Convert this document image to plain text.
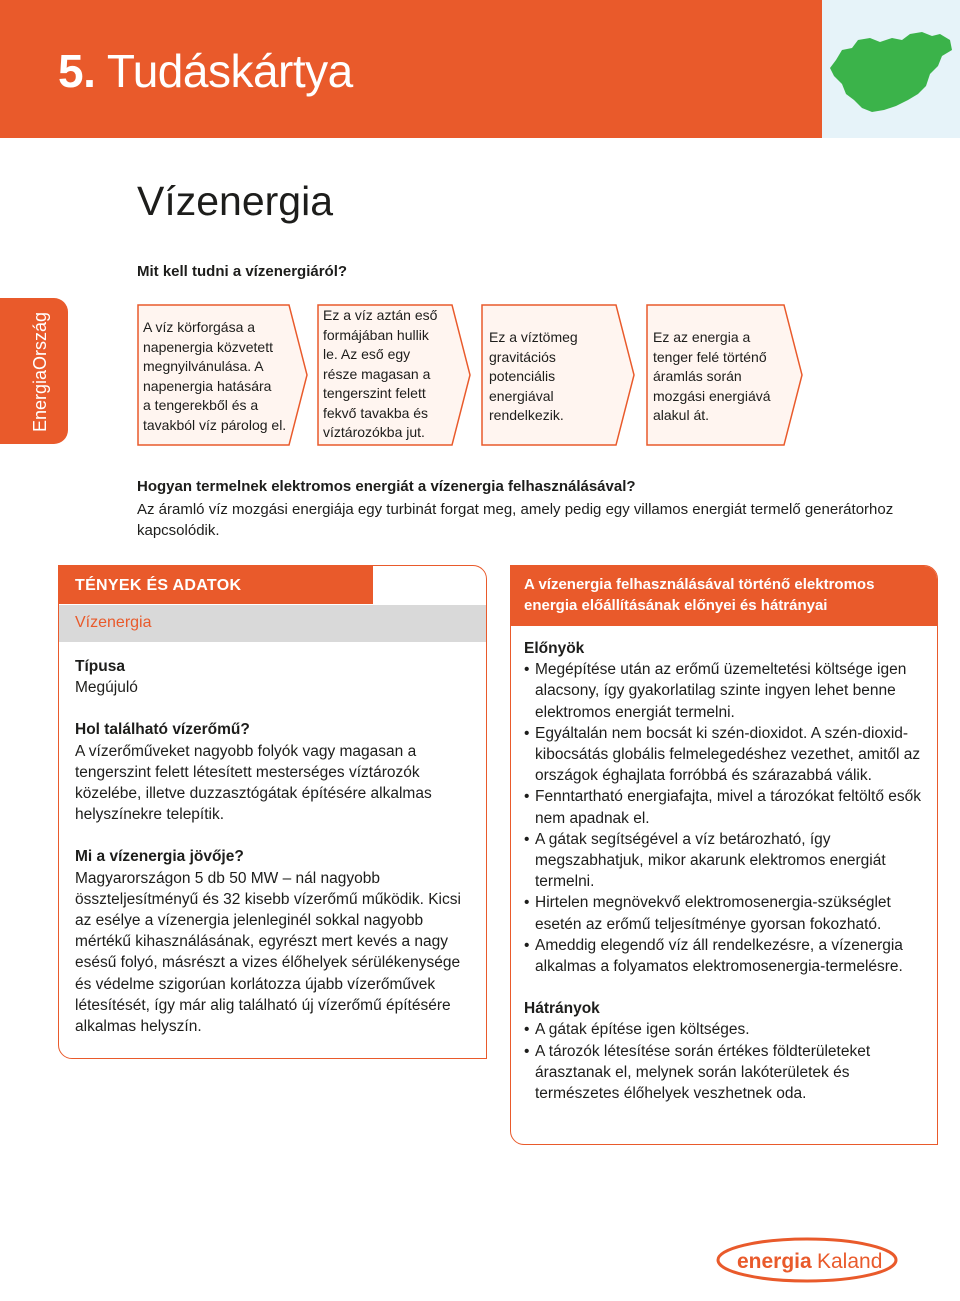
5. Tudáskártya
Vízenergia
Mit kell tudni a vízenergiáról?
EnergiaOrszág	A víz körforgása a
napenergia közvetett
megnyilvánulása. A
napenergia hatására
a tengerekből és a
tavakból víz párolog el.
Ez a víz aztán eső
formájában hullik
le. Az eső egy
része magasan a
tengerszint felett
fekvő tavakba és
víztározókba jut.
Ez a víztömeg
gravitációs
potenciális
energiával
rendelkezik.
Ez az energia a
tenger felé történő
áramlás során
mozgási energiává
alakul át.
Hogyan termelnek elektromos energiát a vízenergia felhasználásával?
Az áramló víz mozgási energiája egy turbinát forgat meg, amely pedig egy villamos energiát termelő generátorhoz kapcsolódik.
TÉNYEK ÉS ADATOK
Vízenergia
Típusa

Megújuló

Hol található vízerőmű?

A vízerőműveket nagyobb folyók vagy magasan a tengerszint felett létesített mesterséges víztározók közelébe, illetve duzzasztógátak építésére alkalmas helyszínekre telepítik.

Mi a vízenergia jövője?

Magyarországon 5 db 50 MW – nál nagyobb összteljesítményű és 32 kisebb vízerőmű működik. Kicsi az esélye a vízenergia jelenleginél sokkal nagyobb mértékű kihasználásának, egyrészt mert kevés a nagy esésű folyó, másrészt a vizes élőhelyek sérülékenysége és védelme szigorúan korlátozza újabb vízerőművek létesítését, így már alig található új vízerőmű építésére alkalmas helyszín.

A vízenergia felhasználásával történő elektromos energia előállításának előnyei és hátrányai
Előnyök
• Megépítése után az erőmű üzemeltetési költsége igen alacsony, így gyakorlatilag szinte ingyen lehet benne elektromos energiát termelni.
• Egyáltalán nem bocsát ki szén-dioxidot. A szén-dioxid-kibocsátás globális felmelegedéshez vezethet, amitől az országok éghajlata forróbbá és szárazabbá válik.
• Fenntartható energiafajta, mivel a tározókat feltöltő esők nem apadnak el.
• A gátak segítségével a víz betározható, így megszabhatjuk, mikor akarunk elektromos energiát termelni.
• Hirtelen megnövekvő elektromosenergia-szükséglet esetén az erőmű teljesítménye gyorsan fokozható.
• Ameddig elegendő víz áll rendelkezésre, a vízenergia alkalmas a folyamatos elektromosenergia-termelésre.
Hátrányok
• A gátak építése igen költséges.
• A tározók létesítése során értékes földterületeket árasztanak el, melynek során lakóterületek és természetes élőhelyek veszhetnek oda.
energia Kaland
